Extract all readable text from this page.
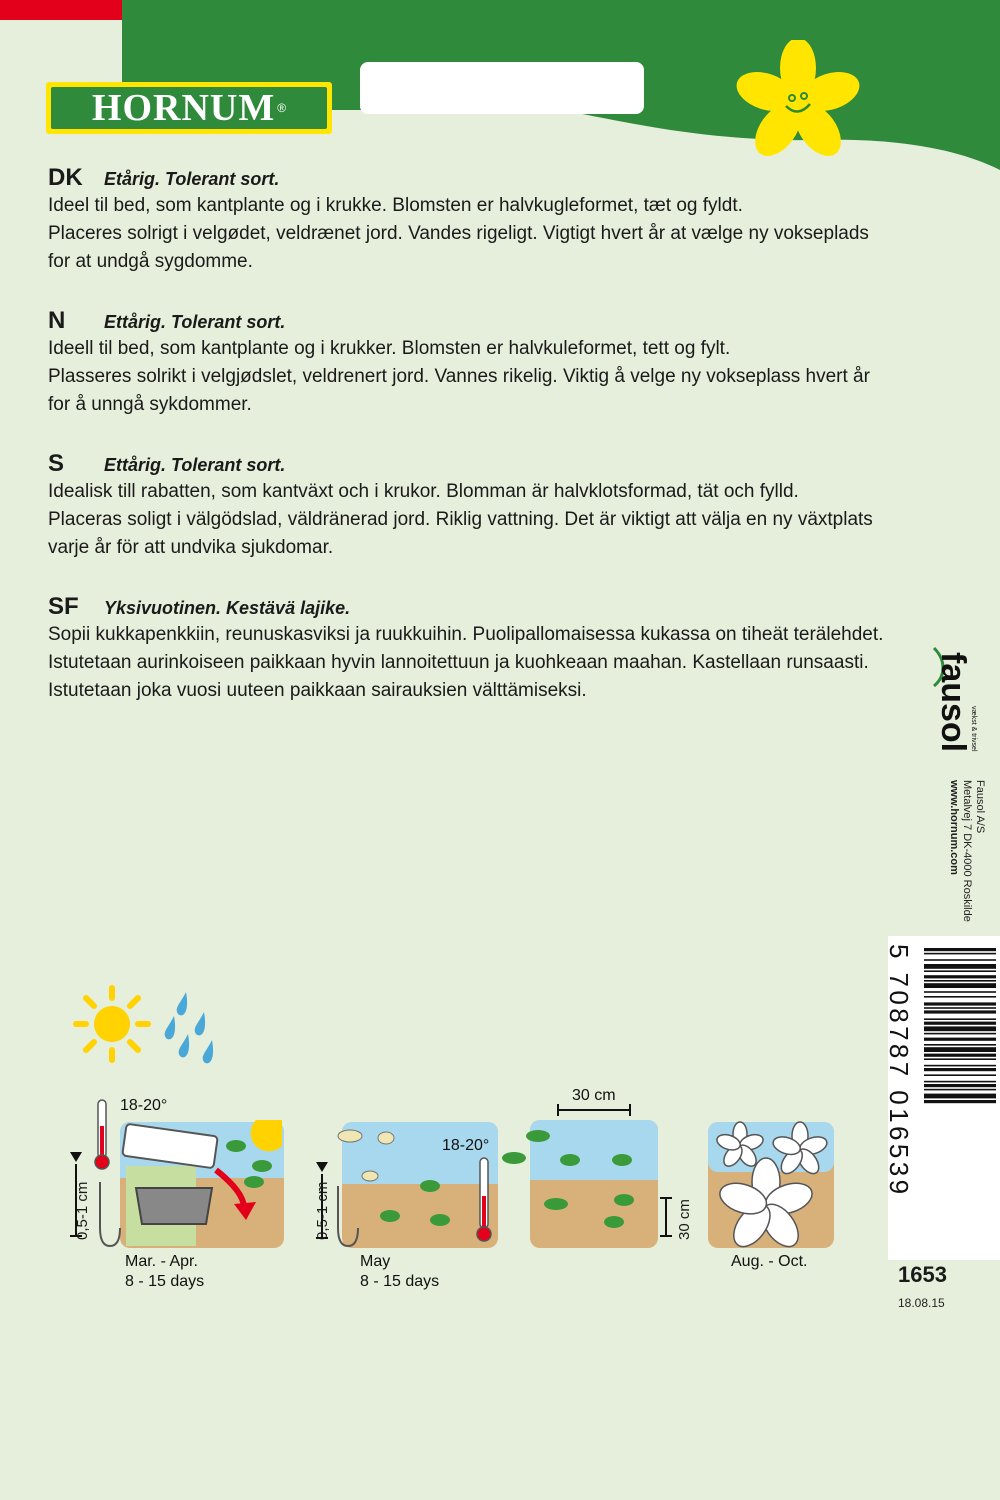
HORNUM ®
DK	Etårig. Tolerant sort.
Ideel til bed, som kantplante og i krukke. Blomsten er halvkugleformet, tæt og fyldt.
Placeres solrigt i velgødet, veldrænet jord. Vandes rigeligt. Vigtigt hvert år at vælge ny vokseplads
for at undgå sygdomme.
N	Ettårig. Tolerant sort.
Ideell til bed, som kantplante og i krukker. Blomsten er halvkuleformet, tett og fylt.
Plasseres solrikt i velgjødslet, veldrenert jord. Vannes rikelig. Viktig å velge ny vokseplass hvert år
for å unngå sykdommer.
S	Ettårig. Tolerant sort.
Idealisk till rabatten, som kantväxt och i krukor. Blomman är halvklotsformad, tät och fylld.
Placeras soligt i välgödslad, väldränerad jord. Riklig vattning. Det är viktigt att välja en ny växtplats
varje år för att undvika sjukdomar.
SF	Yksivuotinen. Kestävä lajike.
Sopii kukkapenkkiin, reunuskasviksi ja ruukkuihin. Puolipallomaisessa kukassa on tiheät terälehdet.
Istutetaan aurinkoiseen paikkaan hyvin lannoitettuun ja kuohkeaan maahan. Kastellaan runsaasti.
Istutetaan joka vuosi uuteen paikkaan sairauksien välttämiseksi.	fausol
vækst & trivsel
Fausol A/S
Metalvej 7 DK-4000 Roskilde
www.hornum.com
5 708787 016539
1653
18.08.15
18-20°
0,5-1 cm
Mar. - Apr.
8 - 15 days
18-20°
0,5-1 cm
May
8 - 15 days
30 cm
30 cm
Aug. - Oct.
